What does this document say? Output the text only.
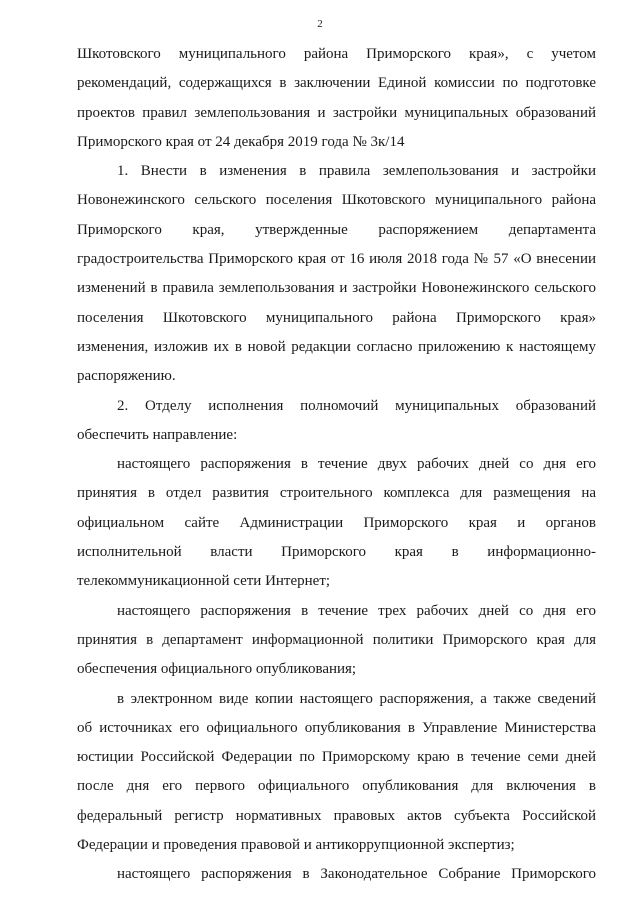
2
Шкотовского муниципального района Приморского края», с учетом
рекомендаций, содержащихся в заключении Единой комиссии по подготовке
проектов правил землепользования и застройки муниципальных образований
Приморского края от 24 декабря 2019 года № 3к/14
1. Внести в изменения в правила землепользования и застройки
Новонежинского сельского поселения Шкотовского муниципального района
Приморского края, утвержденные распоряжением департамента
градостроительства Приморского края от 16 июля 2018 года № 57 «О внесении
изменений в правила землепользования и застройки Новонежинского сельского
поселения Шкотовского муниципального района Приморского края»
изменения, изложив их в новой редакции согласно приложению к настоящему
распоряжению.
2. Отделу исполнения полномочий муниципальных образований
обеспечить направление:
настоящего распоряжения в течение двух рабочих дней со дня его
принятия в отдел развития строительного комплекса для размещения на
официальном сайте Администрации Приморского края и органов
исполнительной власти Приморского края в информационно-
телекоммуникационной сети Интернет;
настоящего распоряжения в течение трех рабочих дней со дня его
принятия в департамент информационной политики Приморского края для
обеспечения официального опубликования;
в электронном виде копии настоящего распоряжения, а также сведений
об источниках его официального опубликования в Управление Министерства
юстиции Российской Федерации по Приморскому краю в течение семи дней
после дня его первого официального опубликования для включения в
федеральный регистр нормативных правовых актов субъекта Российской
Федерации и проведения правовой и антикоррупционной экспертиз;
настоящего распоряжения в Законодательное Собрание Приморского
